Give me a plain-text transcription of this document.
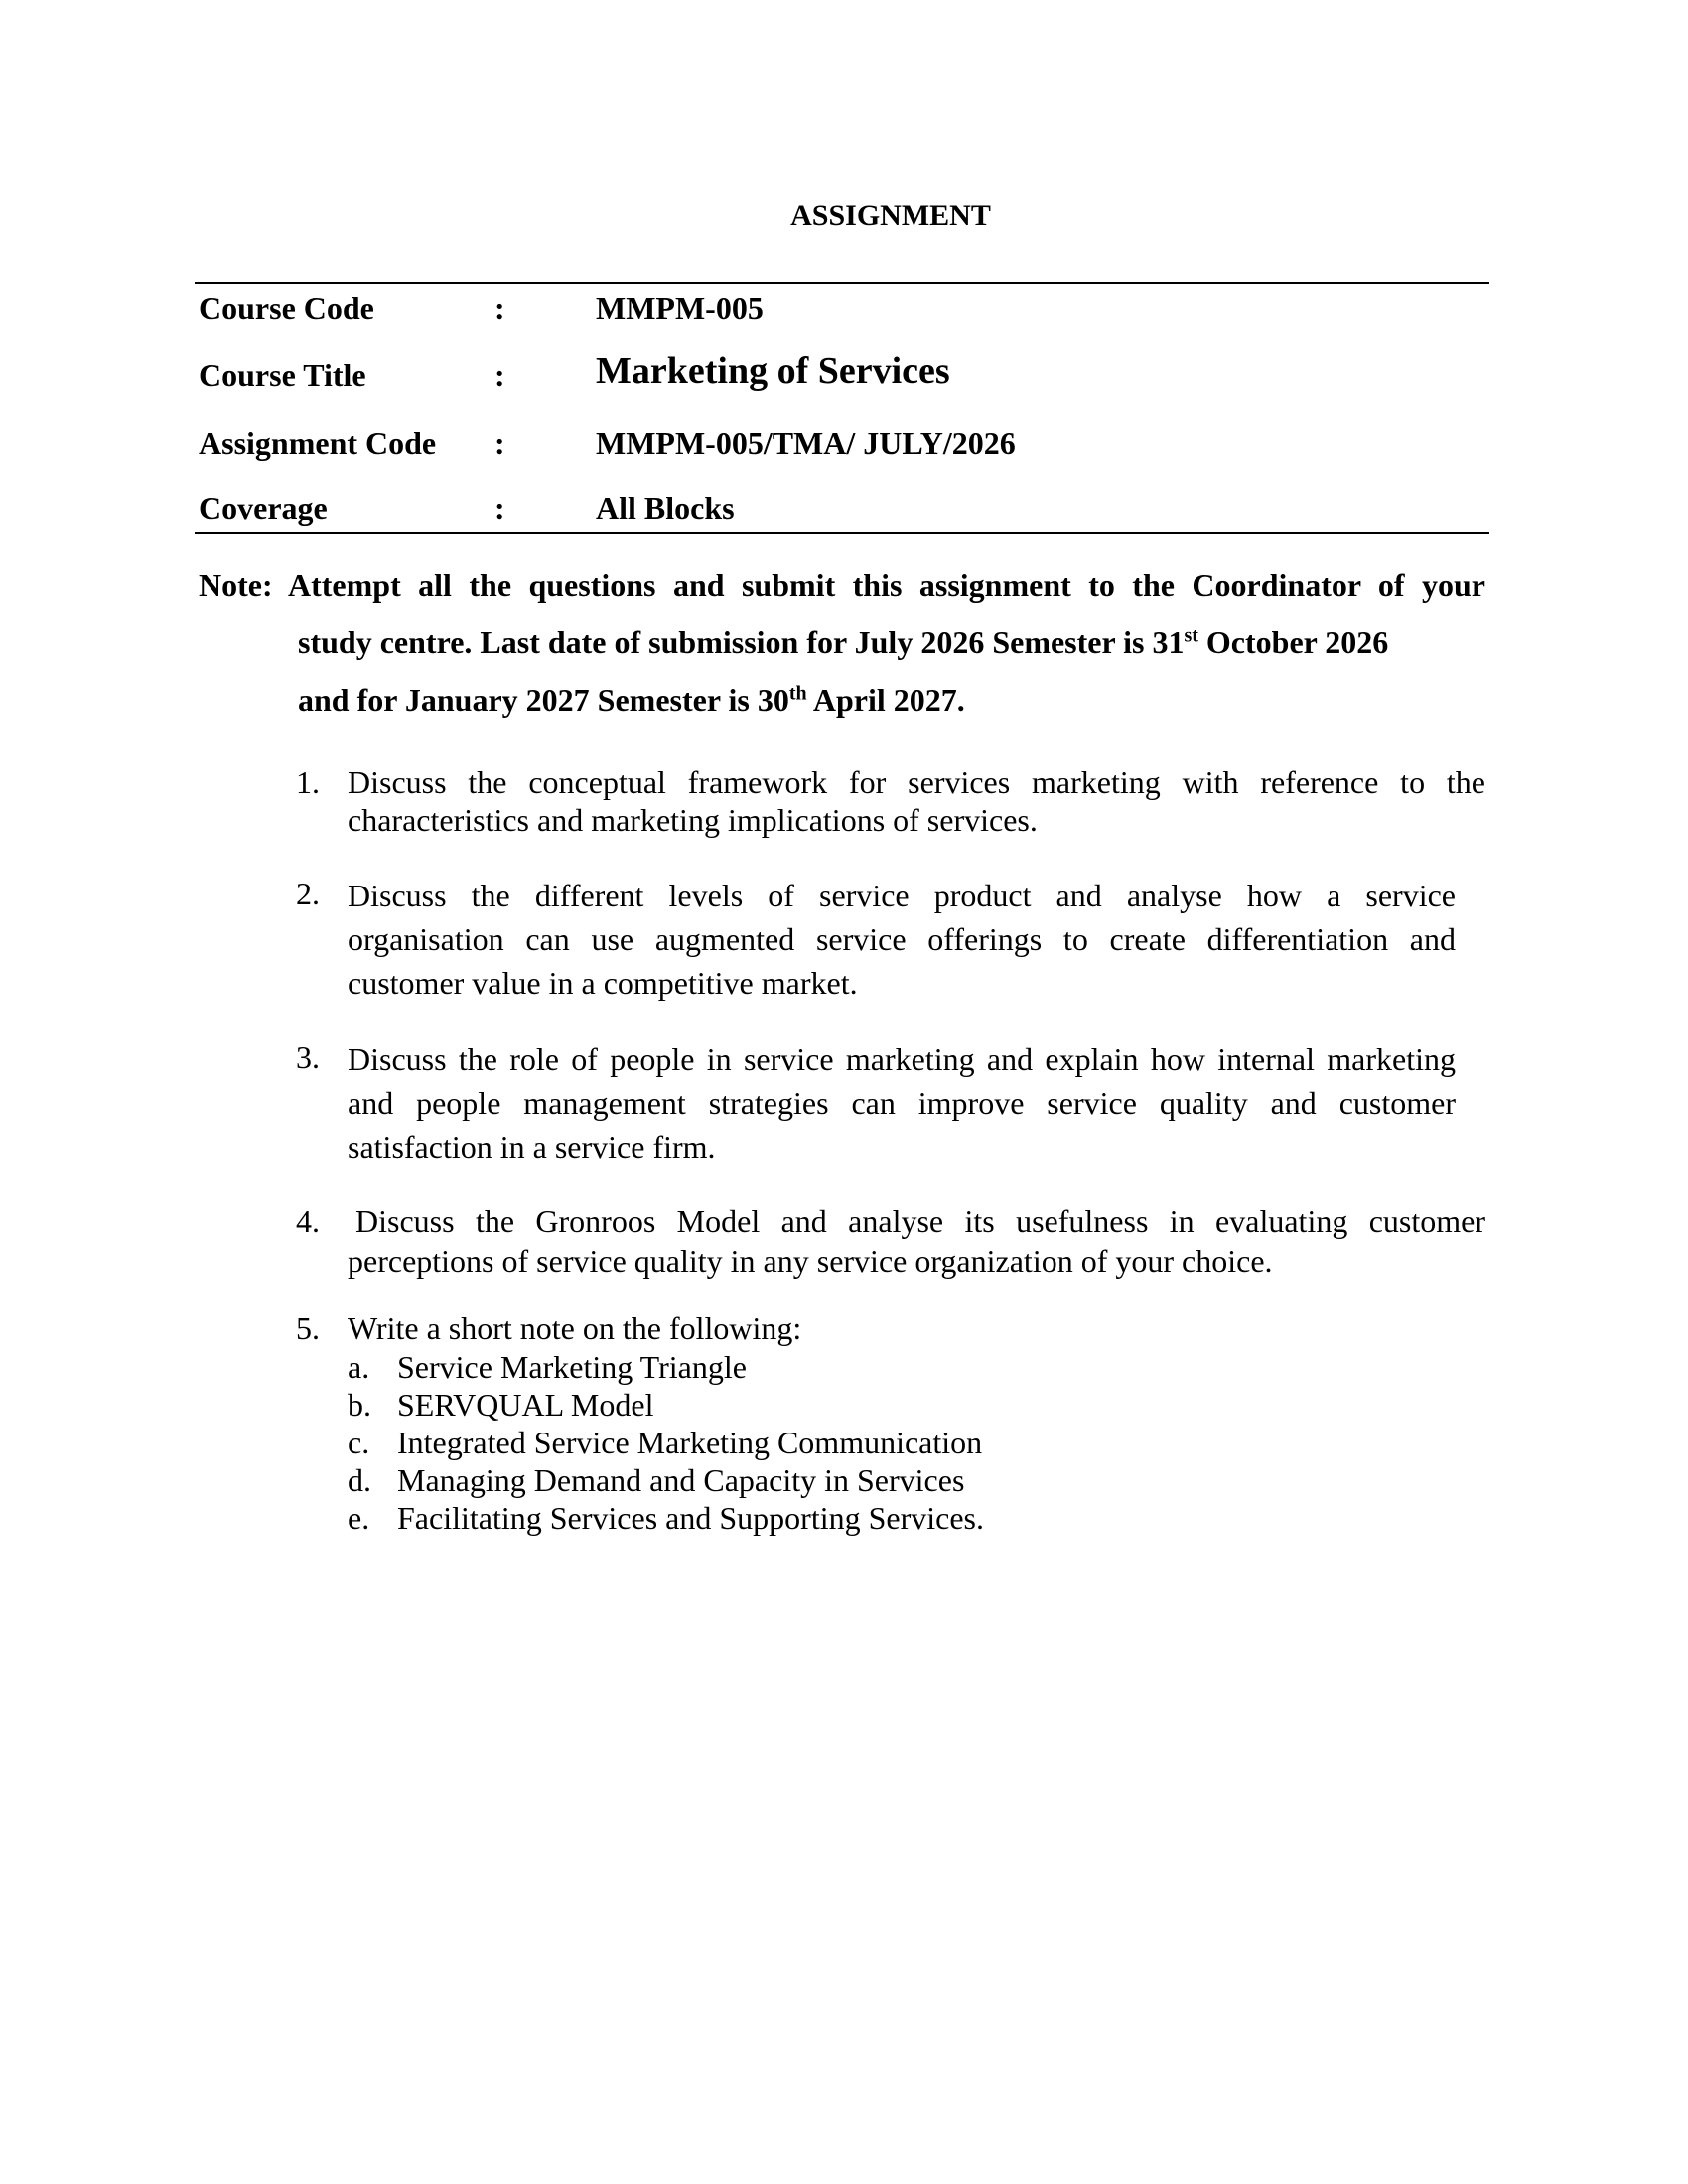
ASSIGNMENT
Course Code	:	MMPM-005
Course Title	: Marketing of Services
Assignment Code :	MMPM-005/TMA/ JULY/2026
Coverage	:	All Blocks
Note: Attempt all the questions and submit this assignment to the Coordinator of your
study centre. Last date of submission for July 2026 Semester is 31st October 2026
and for January 2027 Semester is 30th April 2027.
1. Discuss the conceptual framework for services marketing with reference to the
characteristics and marketing implications of services.
2. Discuss the different levels of service product and analyse how a service
organisation can use augmented service offerings to create differentiation and
customer value in a competitive market.
3. Discuss the role of people in service marketing and explain how internal marketing
and people management strategies can improve service quality and customer
satisfaction in a service firm.
4. Discuss the Gronroos Model and analyse its usefulness in evaluating customer
perceptions of service quality in any service organization of your choice.
5. Write a short note on the following:
a. Service Marketing Triangle
b. SERVQUAL Model
c. Integrated Service Marketing Communication
d. Managing Demand and Capacity in Services
e. Facilitating Services and Supporting Services.
